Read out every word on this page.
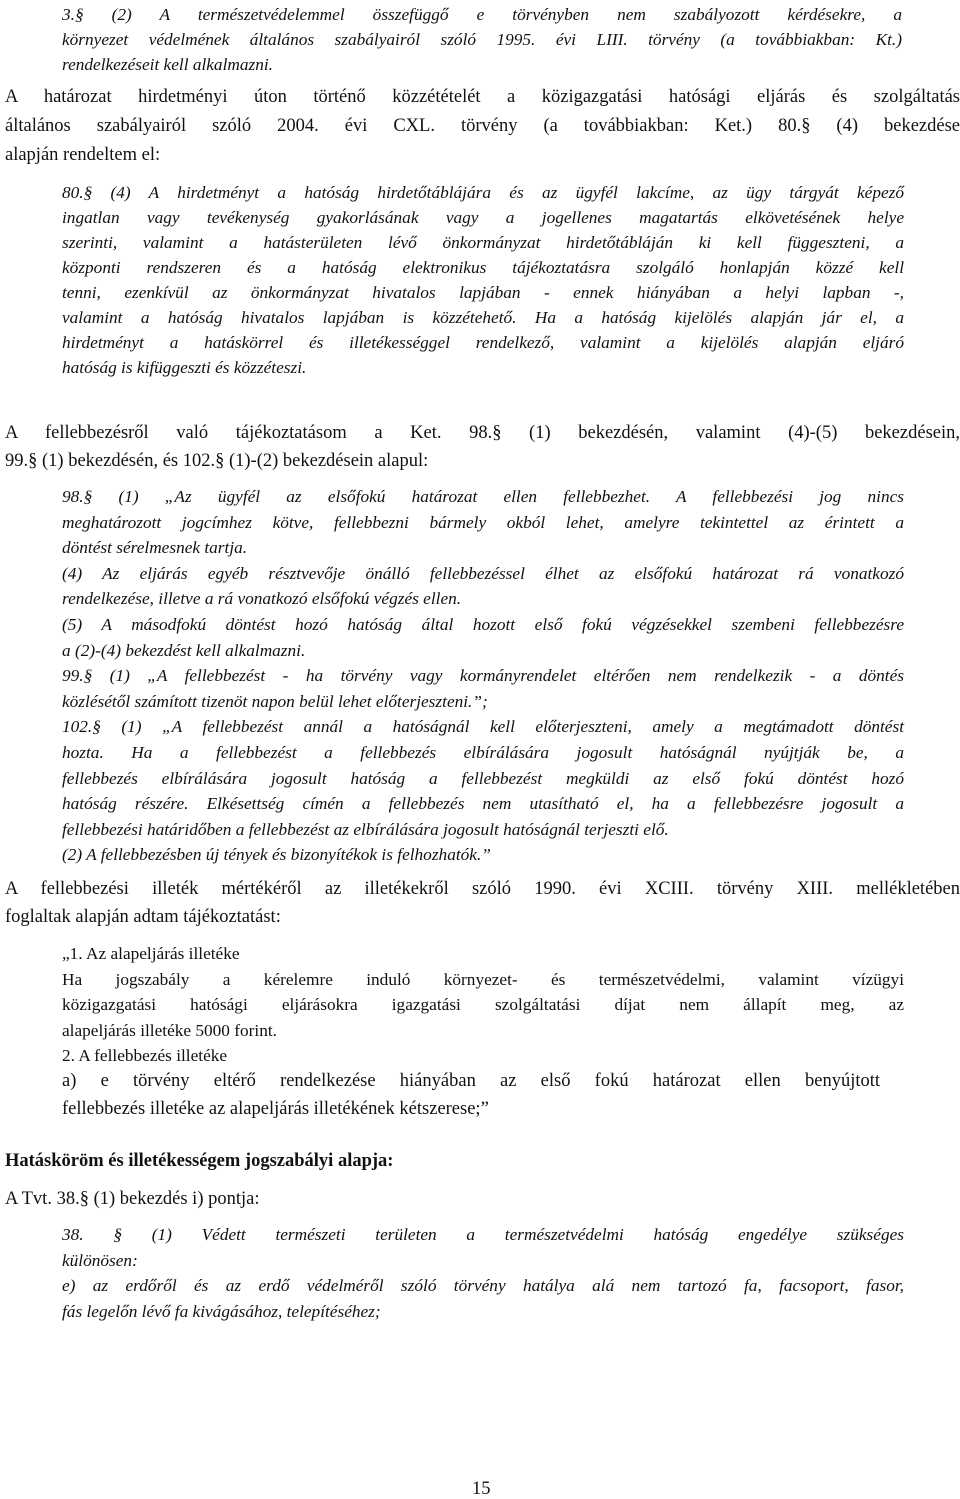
3.§ (2) A természetvédelemmel összefüggő e törvényben nem szabályozott kérdésekre, a
környezet védelmének általános szabályairól szóló 1995. évi LIII. törvény (a továbbiakban: Kt.)
rendelkezéseit kell alkalmazni.
A határozat hirdetményi úton történő közzétételét a közigazgatási hatósági eljárás és szolgáltatás
általános szabályairól szóló 2004. évi CXL. törvény (a továbbiakban: Ket.) 80.§ (4) bekezdése
alapján rendeltem el:
80.§ (4) A hirdetményt a hatóság hirdetőtáblájára és az ügyfél lakcíme, az ügy tárgyát képező
ingatlan vagy tevékenység gyakorlásának vagy a jogellenes magatartás elkövetésének helye
szerinti, valamint a hatásterületen lévő önkormányzat hirdetőtábláján ki kell függeszteni, a
központi rendszeren és a hatóság elektronikus tájékoztatásra szolgáló honlapján közzé kell
tenni, ezenkívül az önkormányzat hivatalos lapjában - ennek hiányában a helyi lapban -,
valamint a hatóság hivatalos lapjában is közzétehető. Ha a hatóság kijelölés alapján jár el, a
hirdetményt a hatáskörrel és illetékességgel rendelkező, valamint a kijelölés alapján eljáró
hatóság is kifüggeszti és közzéteszi.
A fellebbezésről való tájékoztatásom a Ket. 98.§ (1) bekezdésén, valamint (4)-(5) bekezdésein,
99.§ (1) bekezdésén, és 102.§ (1)-(2) bekezdésein alapul:
98.§ (1) „Az ügyfél az elsőfokú határozat ellen fellebbezhet. A fellebbezési jog nincs
meghatározott jogcímhez kötve, fellebbezni bármely okból lehet, amelyre tekintettel az érintett a
döntést sérelmesnek tartja.
(4) Az eljárás egyéb résztvevője önálló fellebbezéssel élhet az elsőfokú határozat rá vonatkozó
rendelkezése, illetve a rá vonatkozó elsőfokú végzés ellen.
(5) A másodfokú döntést hozó hatóság által hozott első fokú végzésekkel szembeni fellebbezésre
a (2)-(4) bekezdést kell alkalmazni.
99.§ (1) „A fellebbezést - ha törvény vagy kormányrendelet eltérően nem rendelkezik - a döntés
közlésétől számított tizenöt napon belül lehet előterjeszteni.”;
102.§ (1) „A fellebbezést annál a hatóságnál kell előterjeszteni, amely a megtámadott döntést
hozta. Ha a fellebbezést a fellebbezés elbírálására jogosult hatóságnál nyújtják be, a
fellebbezés elbírálására jogosult hatóság a fellebbezést megküldi az első fokú döntést hozó
hatóság részére. Elkésettség címén a fellebbezés nem utasítható el, ha a fellebbezésre jogosult a
fellebbezési határidőben a fellebbezést az elbírálására jogosult hatóságnál terjeszti elő.
(2) A fellebbezésben új tények és bizonyítékok is felhozhatók.”
A fellebbezési illeték mértékéről az illetékekről szóló 1990. évi XCIII. törvény XIII. mellékletében
foglaltak alapján adtam tájékoztatást:
„1. Az alapeljárás illetéke
Ha jogszabály a kérelemre induló környezet- és természetvédelmi, valamint vízügyi
közigazgatási hatósági eljárásokra igazgatási szolgáltatási díjat nem állapít meg, az
alapeljárás illetéke 5000 forint.
2. A fellebbezés illetéke
a) e törvény eltérő rendelkezése hiányában az első fokú határozat ellen benyújtott
fellebbezés illetéke az alapeljárás illetékének kétszerese;”
Hatásköröm és illetékességem jogszabályi alapja:
A Tvt. 38.§ (1) bekezdés i) pontja:
38. § (1) Védett természeti területen a természetvédelmi hatóság engedélye szükséges
különösen:
e) az erdőről és az erdő védelméről szóló törvény hatálya alá nem tartozó fa, facsoport, fasor,
fás legelőn lévő fa kivágásához, telepítéséhez;
15
